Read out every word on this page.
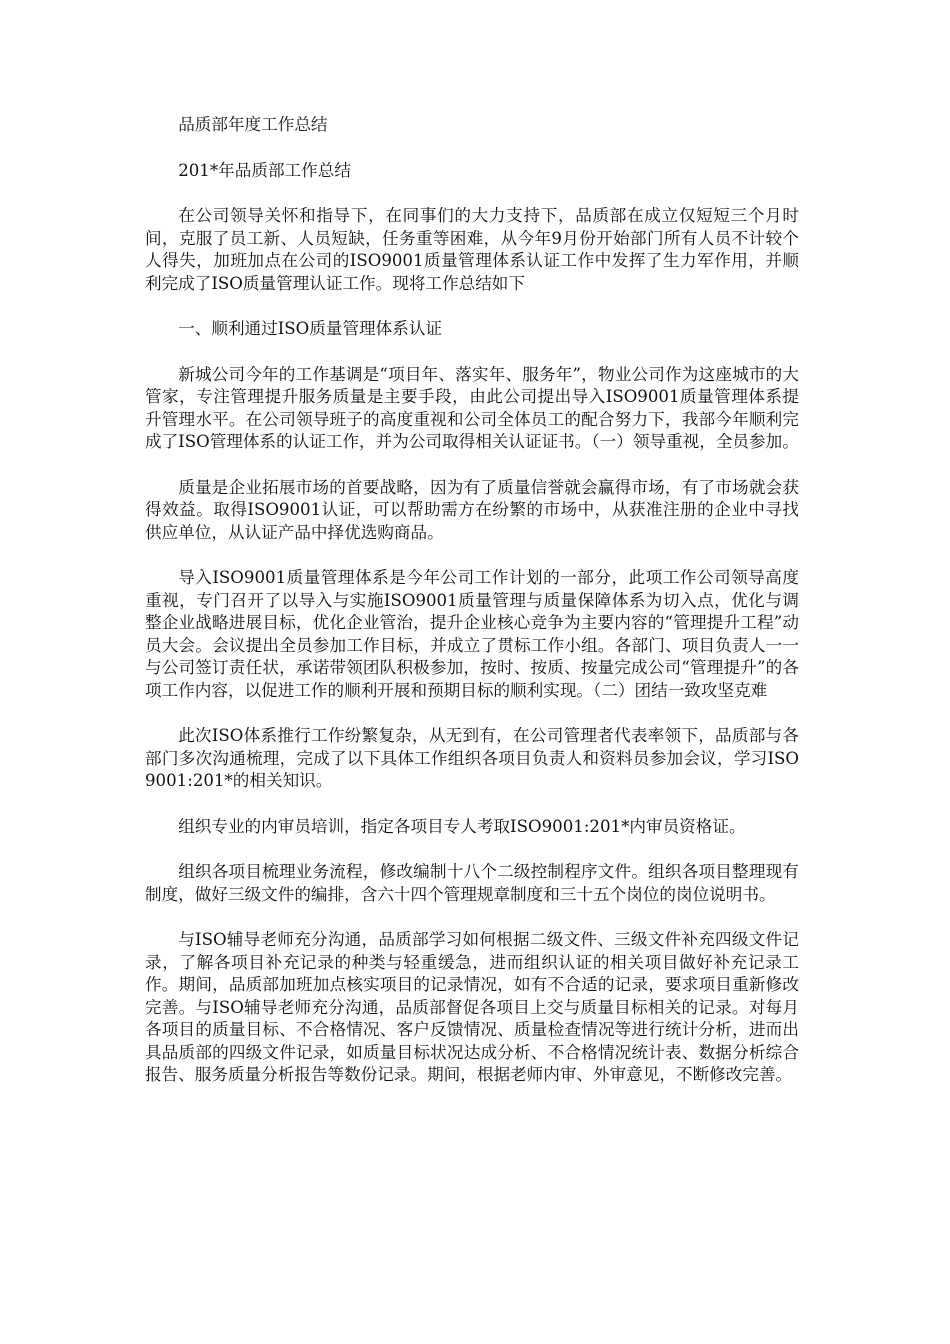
品质部年度工作总结

201*年品质部工作总结

在公司领导关怀和指导下，在同事们的大力支持下，品质部在成立仅短短三个月时间，克服了员工新、人员短缺，任务重等困难，从今年9月份开始部门所有人员不计较个人得失，加班加点在公司的ISO9001质量管理体系认证工作中发挥了生力军作用，并顺利完成了ISO质量管理认证工作。现将工作总结如下

一、顺利通过ISO质量管理体系认证

新城公司今年的工作基调是“项目年、落实年、服务年”，物业公司作为这座城市的大管家，专注管理提升服务质量是主要手段，由此公司提出导入ISO9001质量管理体系提升管理水平。在公司领导班子的高度重视和公司全体员工的配合努力下，我部今年顺利完成了ISO管理体系的认证工作，并为公司取得相关认证证书。（一）领导重视，全员参加。

质量是企业拓展市场的首要战略，因为有了质量信誉就会赢得市场，有了市场就会获得效益。取得ISO9001认证，可以帮助需方在纷繁的市场中，从获准注册的企业中寻找供应单位，从认证产品中择优选购商品。

导入ISO9001质量管理体系是今年公司工作计划的一部分，此项工作公司领导高度重视，专门召开了以导入与实施ISO9001质量管理与质量保障体系为切入点，优化与调整企业战略进展目标，优化企业管治，提升企业核心竞争为主要内容的“管理提升工程”动员大会。会议提出全员参加工作目标，并成立了贯标工作小组。各部门、项目负责人一一与公司签订责任状，承诺带领团队积极参加，按时、按质、按量完成公司“管理提升”的各项工作内容，以促进工作的顺利开展和预期目标的顺利实现。（二）团结一致攻坚克难

此次ISO体系推行工作纷繁复杂，从无到有，在公司管理者代表率领下，品质部与各部门多次沟通梳理，完成了以下具体工作组织各项目负责人和资料员参加会议，学习ISO9001:201*的相关知识。

组织专业的内审员培训，指定各项目专人考取ISO9001:201*内审员资格证。

组织各项目梳理业务流程，修改编制十八个二级控制程序文件。组织各项目整理现有制度，做好三级文件的编排，含六十四个管理规章制度和三十五个岗位的岗位说明书。

与ISO辅导老师充分沟通，品质部学习如何根据二级文件、三级文件补充四级文件记录，了解各项目补充记录的种类与轻重缓急，进而组织认证的相关项目做好补充记录工作。期间，品质部加班加点核实项目的记录情况，如有不合适的记录，要求项目重新修改完善。与ISO辅导老师充分沟通，品质部督促各项目上交与质量目标相关的记录。对每月各项目的质量目标、不合格情况、客户反馈情况、质量检查情况等进行统计分析，进而出具品质部的四级文件记录，如质量目标状况达成分析、不合格情况统计表、数据分析综合报告、服务质量分析报告等数份记录。期间，根据老师内审、外审意见，不断修改完善。
